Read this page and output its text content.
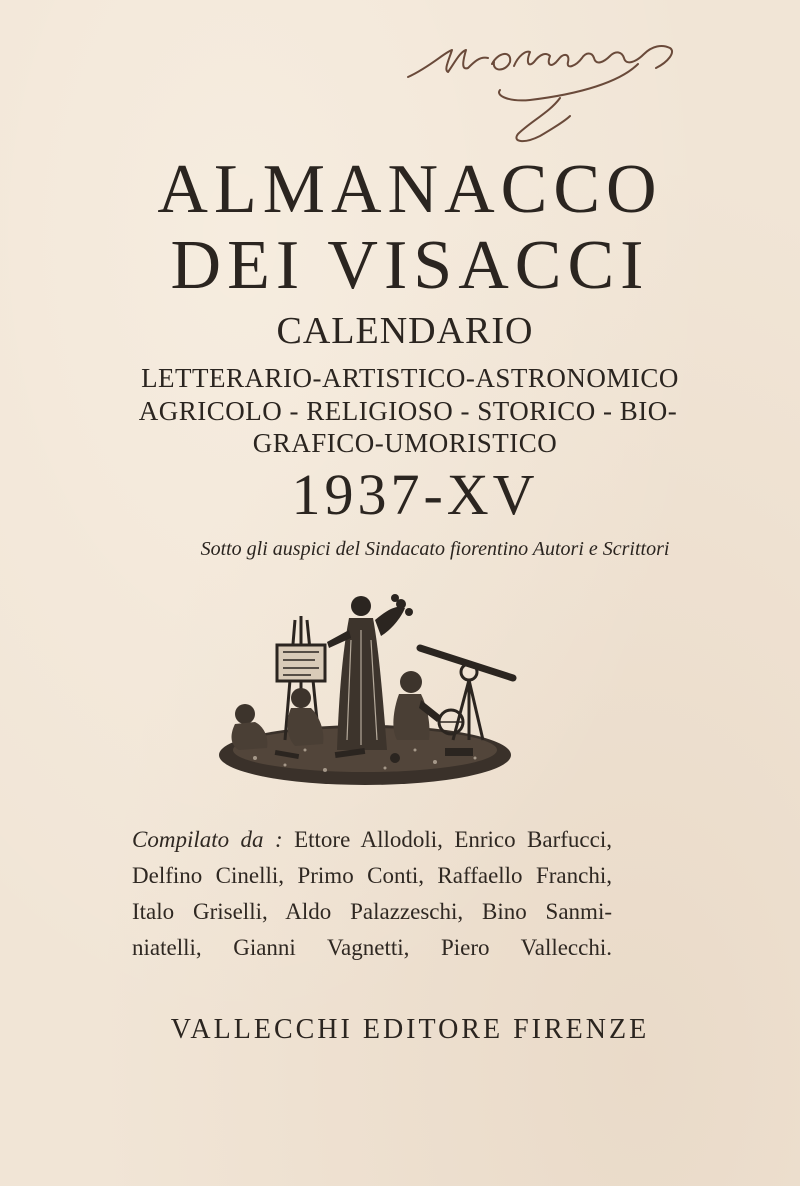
ALMANACCO
DEI VISACCI
CALENDARIO
LETTERARIO-ARTISTICO-ASTRONOMICO
AGRICOLO - RELIGIOSO - STORICO - BIO-
GRAFICO-UMORISTICO
1937-XV
Sotto gli auspici del Sindacato fiorentino Autori e Scrittori
Compilato da : Ettore Allodoli, Enrico Barfucci,
Delfino Cinelli, Primo Conti, Raffaello Franchi,
Italo Griselli, Aldo Palazzeschi, Bino Sanmi-
niatelli, Gianni Vagnetti, Piero Vallecchi.
VALLECCHI EDITORE FIRENZE
